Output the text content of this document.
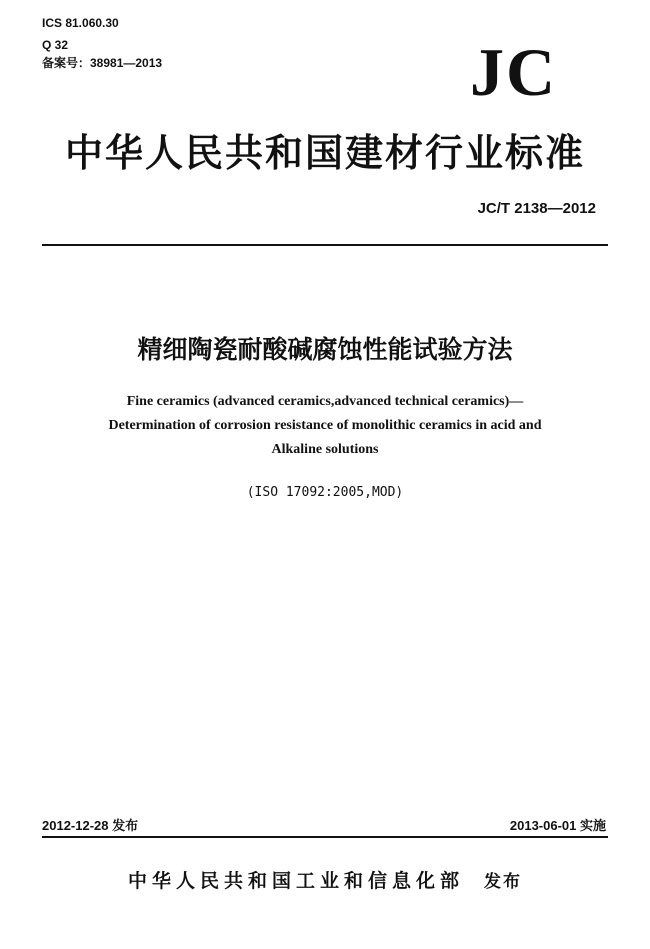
ICS 81.060.30
Q 32
备案号：38981—2013	JC
中华人民共和国建材行业标准
JC/T 2138—2012
精细陶瓷耐酸碱腐蚀性能试验方法
Fine ceramics (advanced ceramics,advanced technical ceramics)—
Determination of corrosion resistance of monolithic ceramics in acid and
Alkaline solutions
(ISO 17092:2005,MOD)
2012-12-28 发布	2013-06-01 实施
中华人民共和国工业和信息化部 发布
